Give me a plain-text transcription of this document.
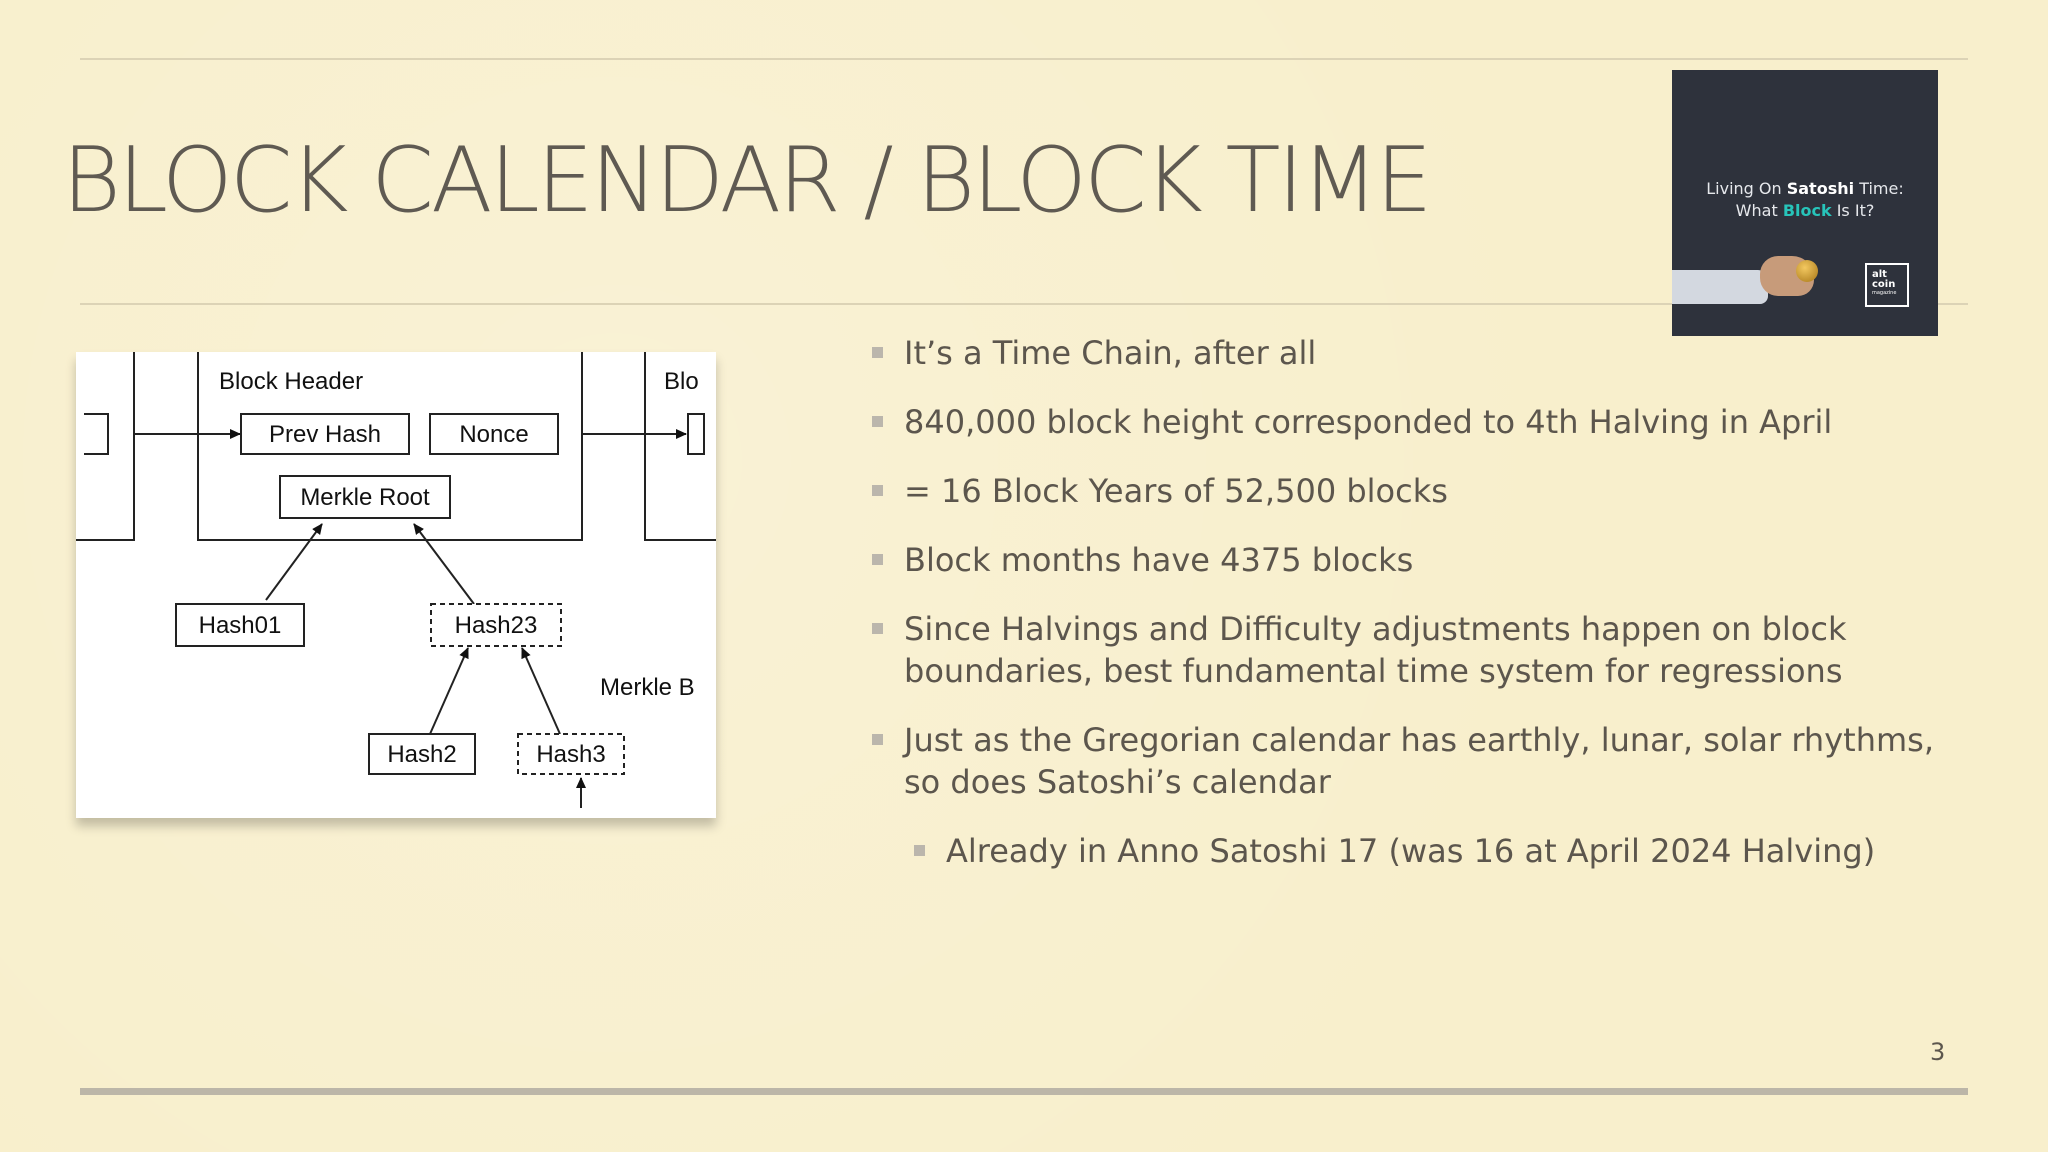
BLOCK CALENDAR / BLOCK TIME	Living On Satoshi Time:
What Block Is It?
alt
coin
magazine
Block Header	Blo
Prev Hash	Nonce
Merkle Root
Hash01	Hash23
Merkle B
Hash2	Hash3

It’s a Time Chain, after all

840,000 block height corresponded to 4th Halving in April

= 16 Block Years of 52,500 blocks

Block months have 4375 blocks

Since Halvings and Difficulty adjustments happen on block boundaries, best fundamental time system for regressions

Just as the Gregorian calendar has earthly, lunar, solar rhythms, so does Satoshi’s calendar

Already in Anno Satoshi 17 (was 16 at April 2024 Halving)

3
